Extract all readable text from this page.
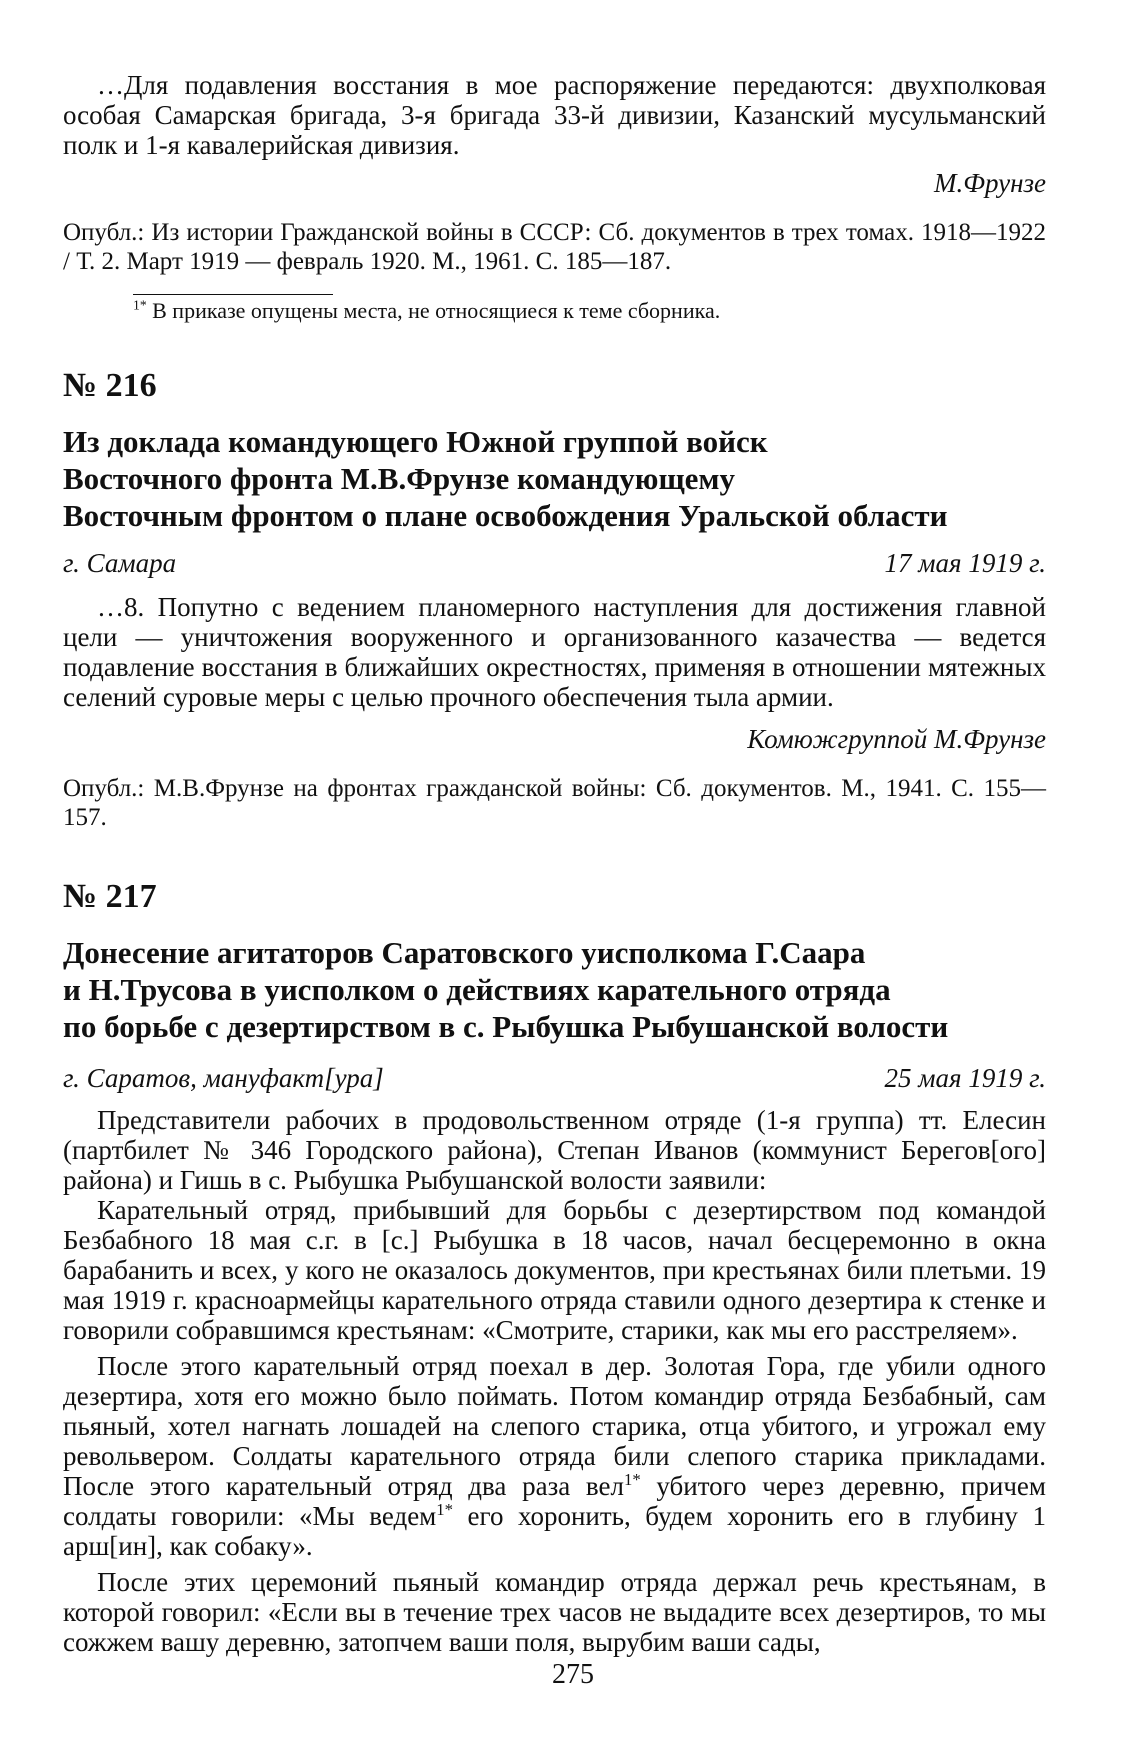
…Для подавления восстания в мое распоряжение передаются: двухполковая особая Самарская бригада, 3-я бригада 33-й дивизии, Казанский мусульманский полк и 1-я кавалерийская дивизия.

М.Фрунзе

Опубл.: Из истории Гражданской войны в СССР: Сб. документов в трех томах. 1918—1922 / Т. 2. Март 1919 — февраль 1920. М., 1961. С. 185—187.

$^{1*}$ В приказе опущены места, не относящиеся к теме сборника.

№ 216

Из доклада командующего Южной группой войск

Восточного фронта М.В.Фрунзе командующему

Восточным фронтом о плане освобождения Уральской области

г. Самара	17 мая 1919 г.

…8. Попутно с ведением планомерного наступления для достижения главной цели — уничтожения вооруженного и организованного казачества — ведется подавление восстания в ближайших окрестностях, применяя в отношении мятежных селений суровые меры с целью прочного обеспечения тыла армии.

Комюжгруппой М.Фрунзе

Опубл.: М.В.Фрунзе на фронтах гражданской войны: Сб. документов. М., 1941. С. 155—157.

№ 217

Донесение агитаторов Саратовского уисполкома Г.Саара

и Н.Трусова в уисполком о действиях карательного отряда

по борьбе с дезертирством в с. Рыбушка Рыбушанской волости

г. Саратов, мануфакт[ура]	25 мая 1919 г.

Представители рабочих в продовольственном отряде (1-я группа) тт. Елесин (партбилет № 346 Городского района), Степан Иванов (коммунист Берегов[ого] района) и Гишь в с. Рыбушка Рыбушанской волости заявили:

Карательный отряд, прибывший для борьбы с дезертирством под командой Безбабного 18 мая с.г. в [с.] Рыбушка в 18 часов, начал бесцеремонно в окна барабанить и всех, у кого не оказалось документов, при крестьянах били плетьми. 19 мая 1919 г. красноармейцы карательного отряда ставили одного дезертира к стенке и говорили собравшимся крестьянам: «Смотрите, старики, как мы его расстреляем».

После этого карательный отряд поехал в дер. Золотая Гора, где убили одного дезертира, хотя его можно было поймать. Потом командир отряда Безбабный, сам пьяный, хотел нагнать лошадей на слепого старика, отца убитого, и угрожал ему револьвером. Солдаты карательного отряда били слепого старика прикладами. После этого карательный отряд два раза вел$^{1*}$ убитого через деревню, причем солдаты говорили: «Мы ведем$^{1*}$ его хоронить, будем хоронить его в глубину 1 арш[ин], как собаку».

После этих церемоний пьяный командир отряда держал речь крестьянам, в которой говорил: «Если вы в течение трех часов не выдадите всех дезертиров, то мы сожжем вашу деревню, затопчем ваши поля, вырубим ваши сады,

275
